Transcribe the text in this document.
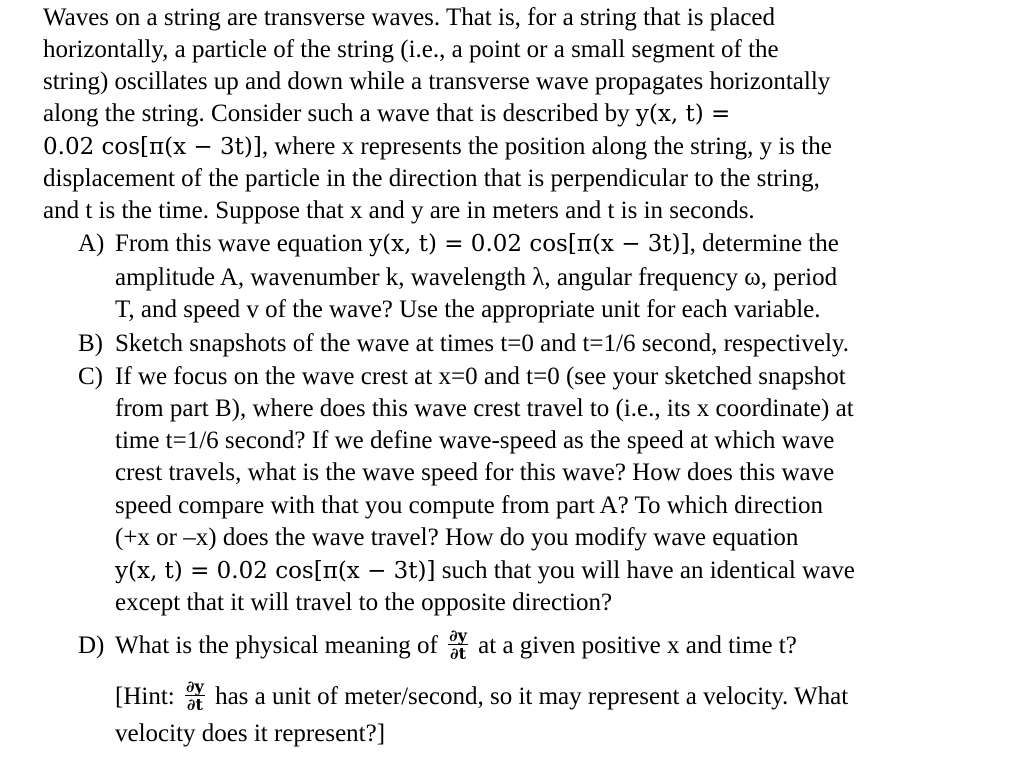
Waves on a string are transverse waves. That is, for a string that is placed
horizontally, a particle of the string (i.e., a point or a small segment of the
string) oscillates up and down while a transverse wave propagates horizontally
along the string. Consider such a wave that is described by y(x, t) =
0.02 cos[π(x − 3t)], where x represents the position along the string, y is the
displacement of the particle in the direction that is perpendicular to the string,
and t is the time. Suppose that x and y are in meters and t is in seconds.
A) From this wave equation y(x, t) = 0.02 cos[π(x − 3t)], determine the
amplitude A, wavenumber k, wavelength λ, angular frequency ω, period
T, and speed v of the wave? Use the appropriate unit for each variable.
B) Sketch snapshots of the wave at times t=0 and t=1/6 second, respectively.
C) If we focus on the wave crest at x=0 and t=0 (see your sketched snapshot
from part B), where does this wave crest travel to (i.e., its x coordinate) at
time t=1/6 second? If we define wave-speed as the speed at which wave
crest travels, what is the wave speed for this wave? How does this wave
speed compare with that you compute from part A? To which direction
(+x or –x) does the wave travel? How do you modify wave equation
y(x, t) = 0.02 cos[π(x − 3t)] such that you will have an identical wave
except that it will travel to the opposite direction?
D) What is the physical meaning of $\frac{\partial y}{\partial t}$ at a given positive x and time t?
[Hint: $\frac{\partial y}{\partial t}$ has a unit of meter/second, so it may represent a velocity. What
velocity does it represent?]
